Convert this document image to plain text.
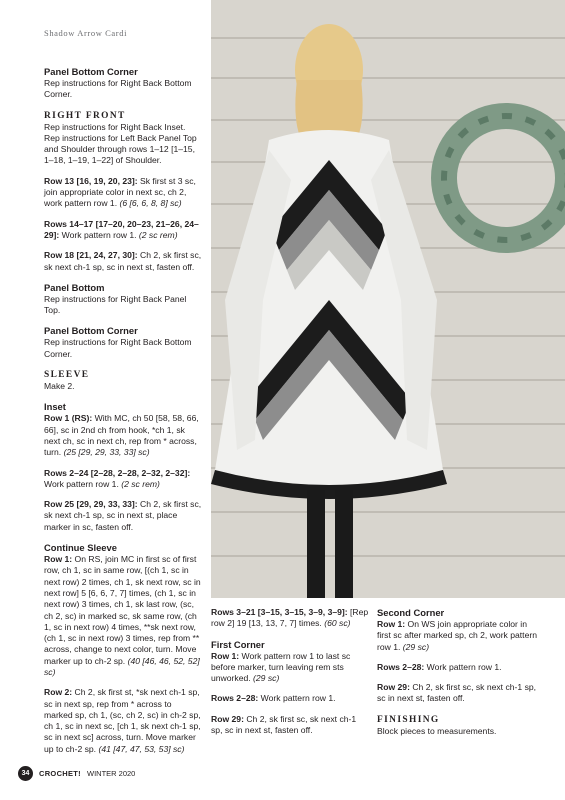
Shadow Arrow Cardi
Panel Bottom Corner

Rep instructions for Right Back Bottom Corner.

RIGHT FRONT

Rep instructions for Right Back Inset. Rep instructions for Left Back Panel Top and Shoulder through rows 1–12 [1–15, 1–18, 1–19, 1–22] of Shoulder.

Row 13 [16, 19, 20, 23]: Sk first st 3 sc, join appropriate color in next sc, ch 2, work pattern row 1. (6 [6, 6, 8, 8] sc)

Rows 14–17 [17–20, 20–23, 21–26, 24–29]: Work pattern row 1. (2 sc rem)

Row 18 [21, 24, 27, 30]: Ch 2, sk first sc, sk next ch-1 sp, sc in next st, fasten off.

Panel Bottom

Rep instructions for Right Back Panel Top.

Panel Bottom Corner

Rep instructions for Right Back Bottom Corner.

SLEEVE

Make 2.

Inset

Row 1 (RS): With MC, ch 50 [58, 58, 66, 66], sc in 2nd ch from hook, *ch 1, sk next ch, sc in next ch, rep from * across, turn. (25 [29, 29, 33, 33] sc)

Rows 2–24 [2–28, 2–28, 2–32, 2–32]: Work pattern row 1. (2 sc rem)

Row 25 [29, 29, 33, 33]: Ch 2, sk first sc, sk next ch-1 sp, sc in next st, place marker in sc, fasten off.

Continue Sleeve

Row 1: On RS, join MC in first sc of first row, ch 1, sc in same row, [(ch 1, sc in next row) 2 times, ch 1, sk next row, sc in next row] 5 [6, 6, 7, 7] times, (ch 1, sc in next row) 3 times, ch 1, sk last row, (sc, ch 2, sc) in marked sc, sk same row, (ch 1, sc in next row) 4 times, **sk next row, (ch 1, sc in next row) 3 times, rep from ** across, change to next color, turn. Move marker up to ch-2 sp. (40 [46, 46, 52, 52] sc)

Row 2: Ch 2, sk first st, *sk next ch-1 sp, sc in next sp, rep from * across to marked sp, ch 1, (sc, ch 2, sc) in ch-2 sp, ch 1, sc in next sc, [ch 1, sk next ch-1 sp, sc in next sc] across, turn. Move marker up to ch-2 sp. (41 [47, 47, 53, 53] sc)

Rows 3–21 [3–15, 3–15, 3–9, 3–9]: [Rep row 2] 19 [13, 13, 7, 7] times. (60 sc)

First Corner

Row 1: Work pattern row 1 to last sc before marker, turn leaving rem sts unworked. (29 sc)

Rows 2–28: Work pattern row 1.

Row 29: Ch 2, sk first sc, sk next ch-1 sp, sc in next st, fasten off.

Second Corner

Row 1: On WS join appropriate color in first sc after marked sp, ch 2, work pattern row 1. (29 sc)

Rows 2–28: Work pattern row 1.

Row 29: Ch 2, sk first sc, sk next ch-1 sp, sc in next st, fasten off.

FINISHING

Block pieces to measurements.

34	CROCHET! WINTER 2020
